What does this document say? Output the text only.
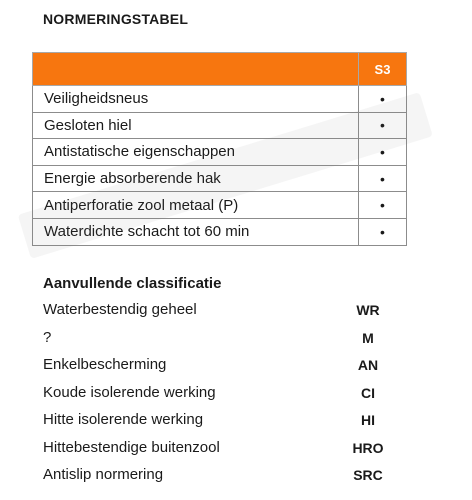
NORMERINGSTABEL
	S3
Veiligheidsneus	•
Gesloten hiel	•
Antistatische eigenschappen	•
Energie absorberende hak	•
Antiperforatie zool metaal (P)	•
Waterdichte schacht tot 60 min	•
Aanvullende classificatie
Waterbestendig geheel	WR
?	M
Enkelbescherming	AN
Koude isolerende werking	CI
Hitte isolerende werking	HI
Hittebestendige buitenzool	HRO
Antislip normering	SRC
